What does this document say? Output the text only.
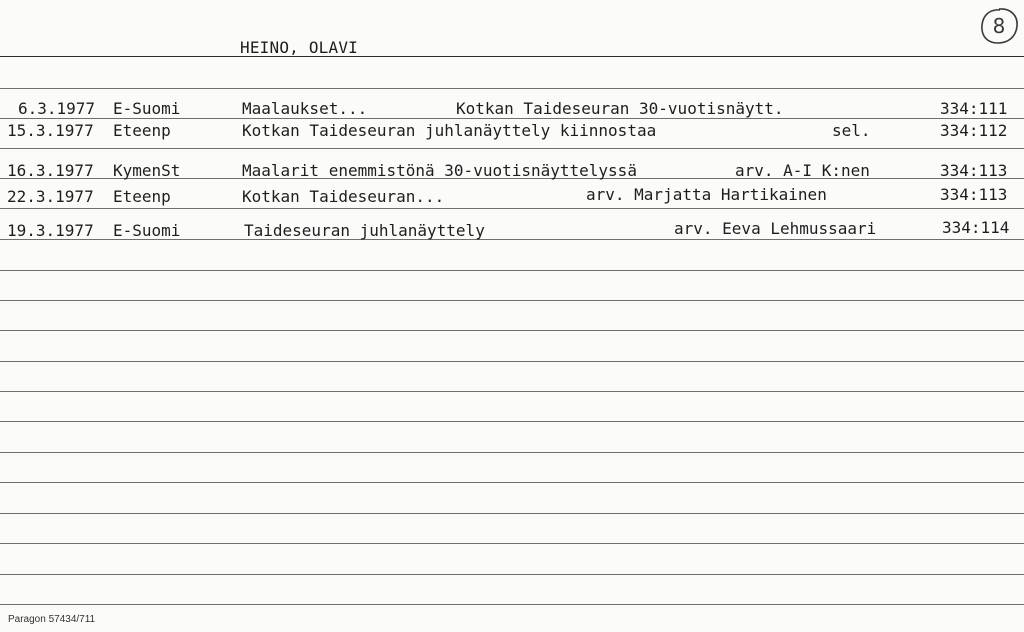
HEINO, OLAVI
8
6.3.1977 E-Suomi	Maalaukset...	Kotkan Taideseuran 30-vuotisnäytt.	334:111
15.3.1977 Eteenp	Kotkan Taideseuran juhlanäyttely kiinnostaa	sel.	334:112
16.3.1977 KymenSt	Maalarit enemmistönä 30-vuotisnäyttelyssä	arv. A-I K:nen	334:113
22.3.1977 Eteenp	Kotkan Taideseuran...	arv. Marjatta Hartikainen	334:113
19.3.1977 E-Suomi	Taideseuran juhlanäyttely	arv. Eeva Lehmussaari	334:114
Paragon 57434/711
